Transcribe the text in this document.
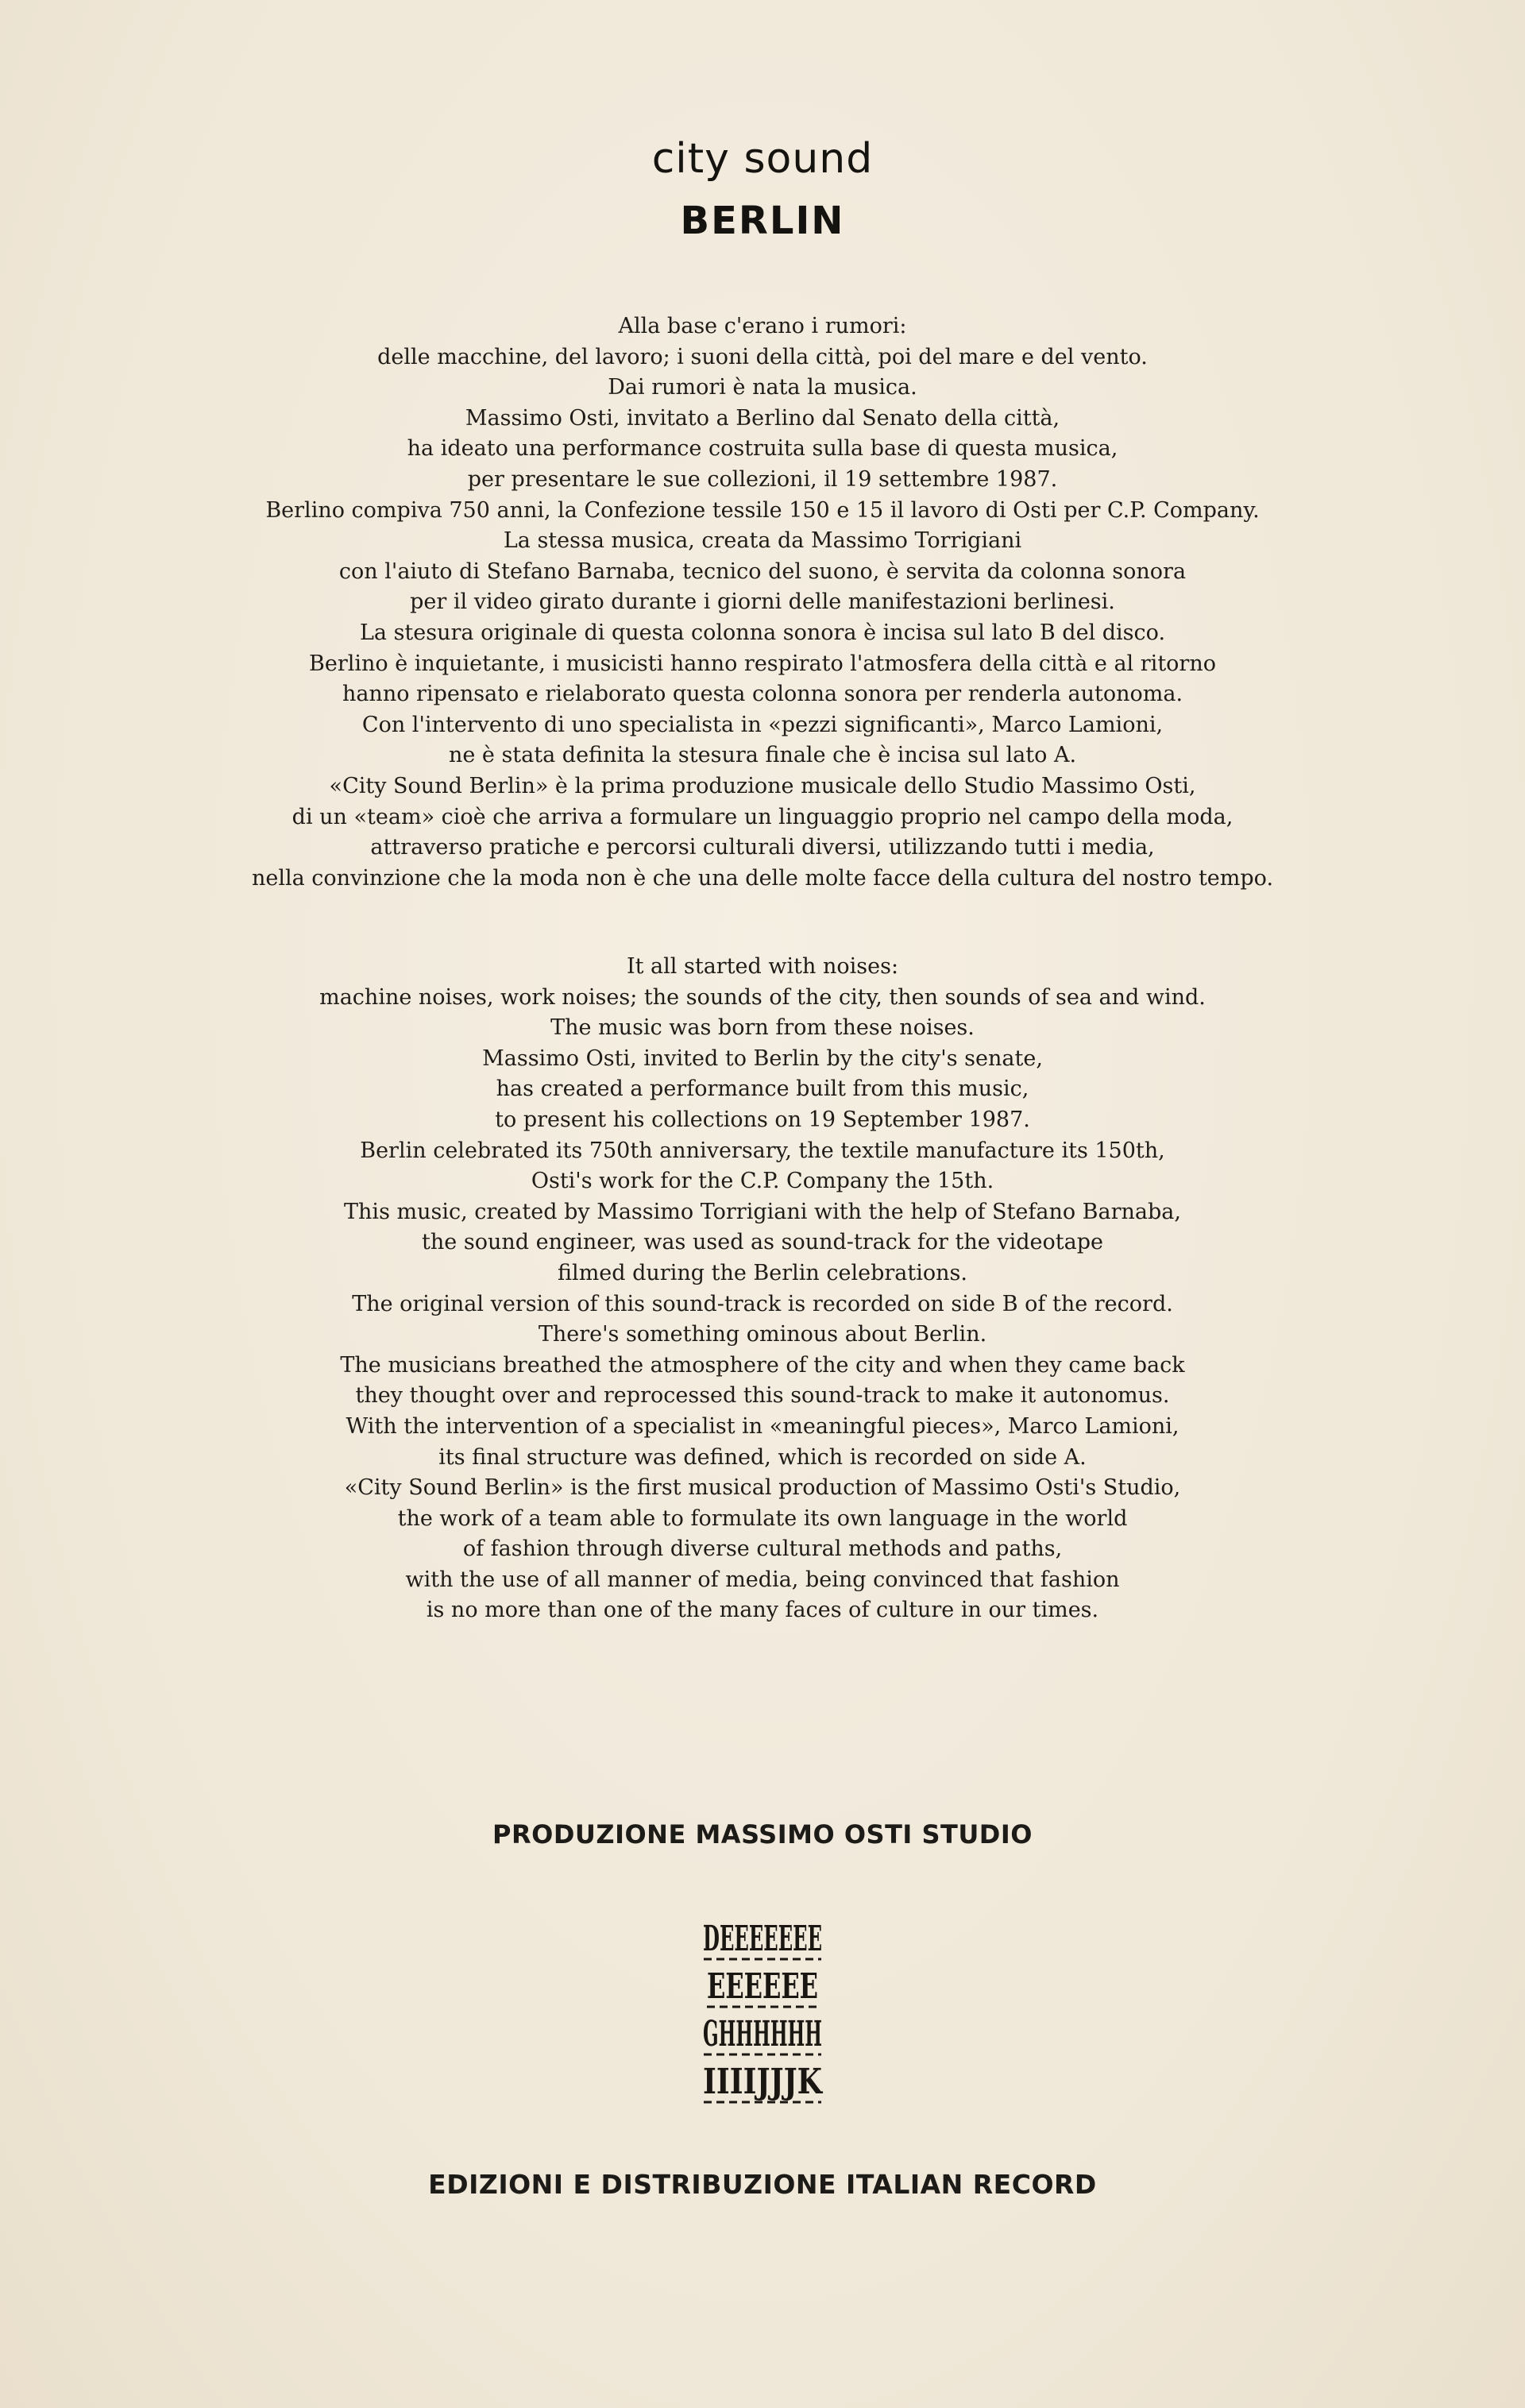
city sound
BERLIN
Alla base c'erano i rumori:
delle macchine, del lavoro; i suoni della città, poi del mare e del vento.
Dai rumori è nata la musica.
Massimo Osti, invitato a Berlino dal Senato della città,
ha ideato una performance costruita sulla base di questa musica,
per presentare le sue collezioni, il 19 settembre 1987.
Berlino compiva 750 anni, la Confezione tessile 150 e 15 il lavoro di Osti per C.P. Company.
La stessa musica, creata da Massimo Torrigiani
con l'aiuto di Stefano Barnaba, tecnico del suono, è servita da colonna sonora
per il video girato durante i giorni delle manifestazioni berlinesi.
La stesura originale di questa colonna sonora è incisa sul lato B del disco.
Berlino è inquietante, i musicisti hanno respirato l'atmosfera della città e al ritorno
hanno ripensato e rielaborato questa colonna sonora per renderla autonoma.
Con l'intervento di uno specialista in «pezzi significanti», Marco Lamioni,
ne è stata definita la stesura finale che è incisa sul lato A.
«City Sound Berlin» è la prima produzione musicale dello Studio Massimo Osti,
di un «team» cioè che arriva a formulare un linguaggio proprio nel campo della moda,
attraverso pratiche e percorsi culturali diversi, utilizzando tutti i media,
nella convinzione che la moda non è che una delle molte facce della cultura del nostro tempo.
It all started with noises:
machine noises, work noises; the sounds of the city, then sounds of sea and wind.
The music was born from these noises.
Massimo Osti, invited to Berlin by the city's senate,
has created a performance built from this music,
to present his collections on 19 September 1987.
Berlin celebrated its 750th anniversary, the textile manufacture its 150th,
Osti's work for the C.P. Company the 15th.
This music, created by Massimo Torrigiani with the help of Stefano Barnaba,
the sound engineer, was used as sound-track for the videotape
filmed during the Berlin celebrations.
The original version of this sound-track is recorded on side B of the record.
There's something ominous about Berlin.
The musicians breathed the atmosphere of the city and when they came back
they thought over and reprocessed this sound-track to make it autonomus.
With the intervention of a specialist in «meaningful pieces», Marco Lamioni,
its final structure was defined, which is recorded on side A.
«City Sound Berlin» is the first musical production of Massimo Osti's Studio,
the work of a team able to formulate its own language in the world
of fashion through diverse cultural methods and paths,
with the use of all manner of media, being convinced that fashion
is no more than one of the many faces of culture in our times.
PRODUZIONE MASSIMO OSTI STUDIO
DEEEEEEE
EEEEEE
GHHHHHH
IIIIJJJK
EDIZIONI E DISTRIBUZIONE ITALIAN RECORD
